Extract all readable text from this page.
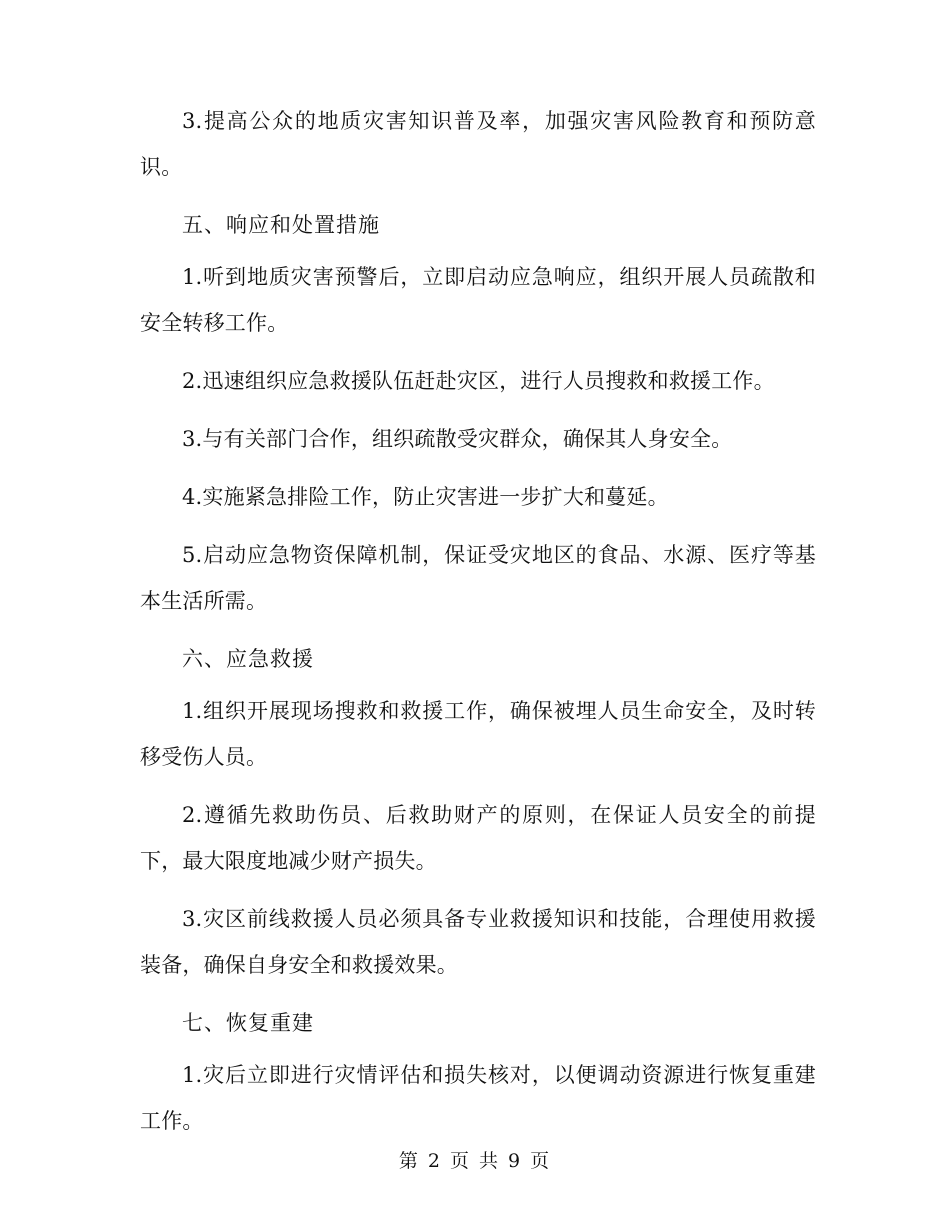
3.提高公众的地质灾害知识普及率，加强灾害风险教育和预防意识。

五、响应和处置措施

1.听到地质灾害预警后，立即启动应急响应，组织开展人员疏散和安全转移工作。

2.迅速组织应急救援队伍赶赴灾区，进行人员搜救和救援工作。

3.与有关部门合作，组织疏散受灾群众，确保其人身安全。

4.实施紧急排险工作，防止灾害进一步扩大和蔓延。

5.启动应急物资保障机制，保证受灾地区的食品、水源、医疗等基本生活所需。

六、应急救援

1.组织开展现场搜救和救援工作，确保被埋人员生命安全，及时转移受伤人员。

2.遵循先救助伤员、后救助财产的原则，在保证人员安全的前提下，最大限度地减少财产损失。

3.灾区前线救援人员必须具备专业救援知识和技能，合理使用救援装备，确保自身安全和救援效果。

七、恢复重建

1.灾后立即进行灾情评估和损失核对，以便调动资源进行恢复重建工作。

第 2 页 共 9 页
